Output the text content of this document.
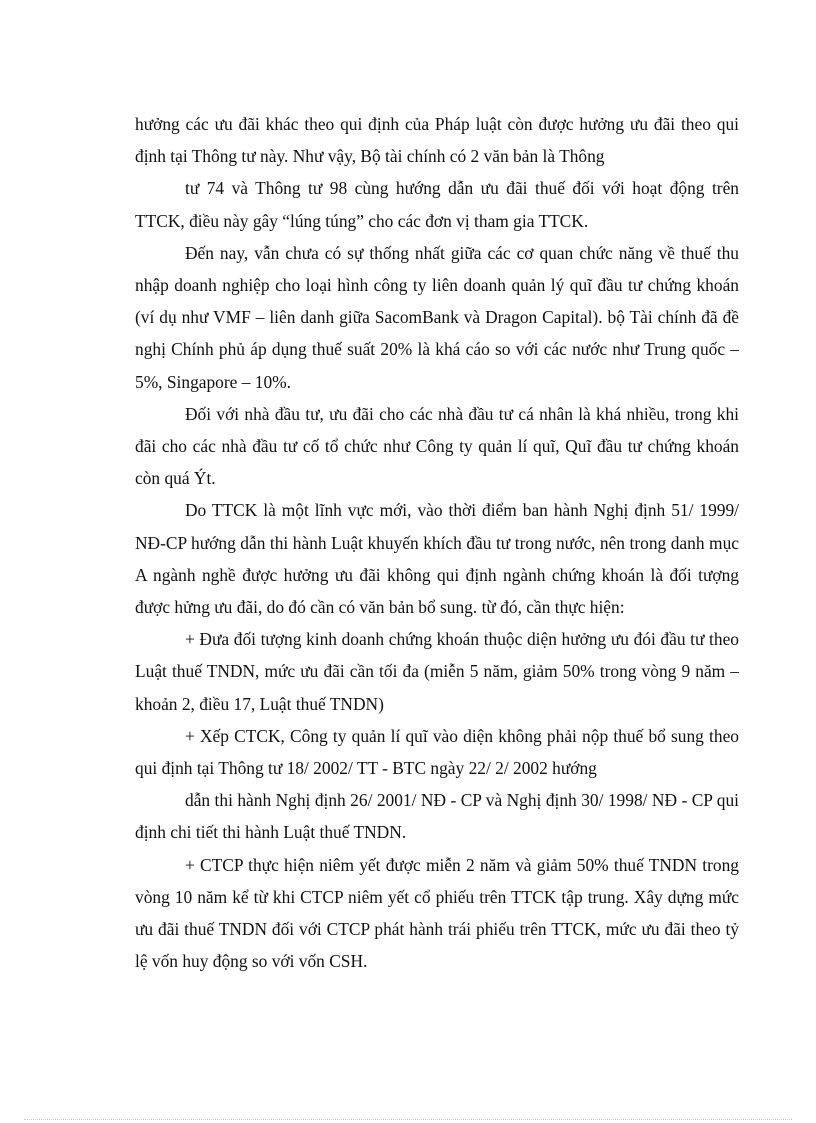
hưởng các ưu đãi khác theo qui định của Pháp luật còn được hưởng ưu đãi theo qui định tại Thông tư này. Như vậy, Bộ tài chính có 2 văn bản là Thông

tư 74 và Thông tư 98 cùng hướng dẫn ưu đãi thuế đối với hoạt động trên TTCK, điều này gây “lúng túng” cho các đơn vị tham gia TTCK.

Đến nay, vẫn chưa có sự thống nhất giữa các cơ quan chức năng về thuế thu nhập doanh nghiệp cho loại hình công ty liên doanh quản lý quĩ đầu tư chứng khoán (ví dụ như VMF – liên danh giữa SacomBank và Dragon Capital). bộ Tài chính đã đề nghị Chính phủ áp dụng thuế suất 20% là khá cáo so với các nước như Trung quốc – 5%, Singapore – 10%.

Đối với nhà đầu tư, ưu đãi cho các nhà đầu tư cá nhân là khá nhiều, trong khi đãi cho các nhà đầu tư cố tổ chức như Công ty quản lí quĩ, Quĩ đầu tư chứng khoán còn quá Ýt.

Do TTCK là một lĩnh vực mới, vào thời điểm ban hành Nghị định 51/ 1999/ NĐ-CP hướng dẫn thi hành Luật khuyến khích đầu tư trong nước, nên trong danh mục A ngành nghề được hưởng ưu đãi không qui định ngành chứng khoán là đối tượng được hửng ưu đãi, do đó cần có văn bản bổ sung. từ đó, cần thực hiện:

+ Đưa đối tượng kinh doanh chứng khoán thuộc diện hưởng ưu đói đầu tư theo Luật thuế TNDN, mức ưu đãi cần tối đa (miễn 5 năm, giảm 50% trong vòng 9 năm – khoản 2, điều 17, Luật thuế TNDN)

+ Xếp CTCK, Công ty quản lí quĩ vào diện không phải nộp thuế bổ sung theo qui định tại Thông tư 18/ 2002/ TT - BTC ngày 22/ 2/ 2002 hướng

dẫn thi hành Nghị định 26/ 2001/ NĐ - CP và Nghị định 30/ 1998/ NĐ - CP qui định chi tiết thi hành Luật thuế TNDN.

+ CTCP thực hiện niêm yết được miễn 2 năm và giảm 50% thuế TNDN trong vòng 10 năm kể từ khi CTCP niêm yết cổ phiếu trên TTCK tập trung. Xây dựng mức ưu đãi thuế TNDN đối với CTCP phát hành trái phiếu trên TTCK, mức ưu đãi theo tỷ lệ vốn huy động so với vốn CSH.
